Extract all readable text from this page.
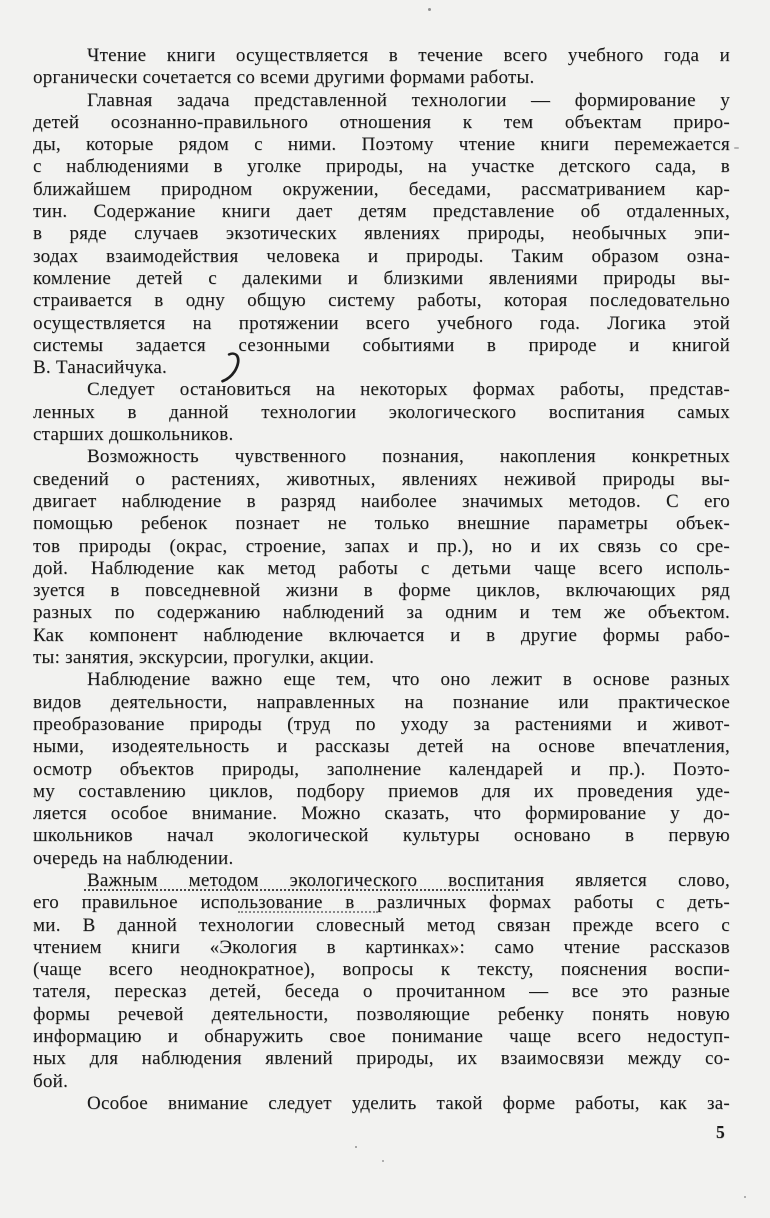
Чтение книги осуществляется в течение всего учебного года и
органически сочетается со всеми другими формами работы.

Главная задача представленной технологии — формирование у
детей осознанно-правильного отношения к тем объектам приро-
ды, которые рядом с ними. Поэтому чтение книги перемежается
с наблюдениями в уголке природы, на участке детского сада, в
ближайшем природном окружении, беседами, рассматриванием кар-
тин. Содержание книги дает детям представление об отдаленных,
в ряде случаев экзотических явлениях природы, необычных эпи-
зодах взаимодействия человека и природы. Таким образом озна-
комление детей с далекими и близкими явлениями природы вы-
страивается в одну общую систему работы, которая последовательно
осуществляется на протяжении всего учебного года. Логика этой
системы задается сезонными событиями в природе и книгой
В. Танасийчука.

Следует остановиться на некоторых формах работы, представ-
ленных в данной технологии экологического воспитания самых
старших дошкольников.

Возможность чувственного познания, накопления конкретных
сведений о растениях, животных, явлениях неживой природы вы-
двигает наблюдение в разряд наиболее значимых методов. С его
помощью ребенок познает не только внешние параметры объек-
тов природы (окрас, строение, запах и пр.), но и их связь со сре-
дой. Наблюдение как метод работы с детьми чаще всего исполь-
зуется в повседневной жизни в форме циклов, включающих ряд
разных по содержанию наблюдений за одним и тем же объектом.
Как компонент наблюдение включается и в другие формы рабо-
ты: занятия, экскурсии, прогулки, акции.

Наблюдение важно еще тем, что оно лежит в основе разных
видов деятельности, направленных на познание или практическое
преобразование природы (труд по уходу за растениями и живот-
ными, изодеятельность и рассказы детей на основе впечатления,
осмотр объектов природы, заполнение календарей и пр.). Поэто-
му составлению циклов, подбору приемов для их проведения уде-
ляется особое внимание. Можно сказать, что формирование у до-
школьников начал экологической культуры основано в первую
очередь на наблюдении.

Важным методом экологического воспитания является слово,
его правильное использование в различных формах работы с деть-
ми. В данной технологии словесный метод связан прежде всего с
чтением книги «Экология в картинках»: само чтение рассказов
(чаще всего неоднократное), вопросы к тексту, пояснения воспи-
тателя, пересказ детей, беседа о прочитанном — все это разные
формы речевой деятельности, позволяющие ребенку понять новую
информацию и обнаружить свое понимание чаще всего недоступ-
ных для наблюдения явлений природы, их взаимосвязи между со-
бой.

Особое внимание следует уделить такой форме работы, как за-

5
